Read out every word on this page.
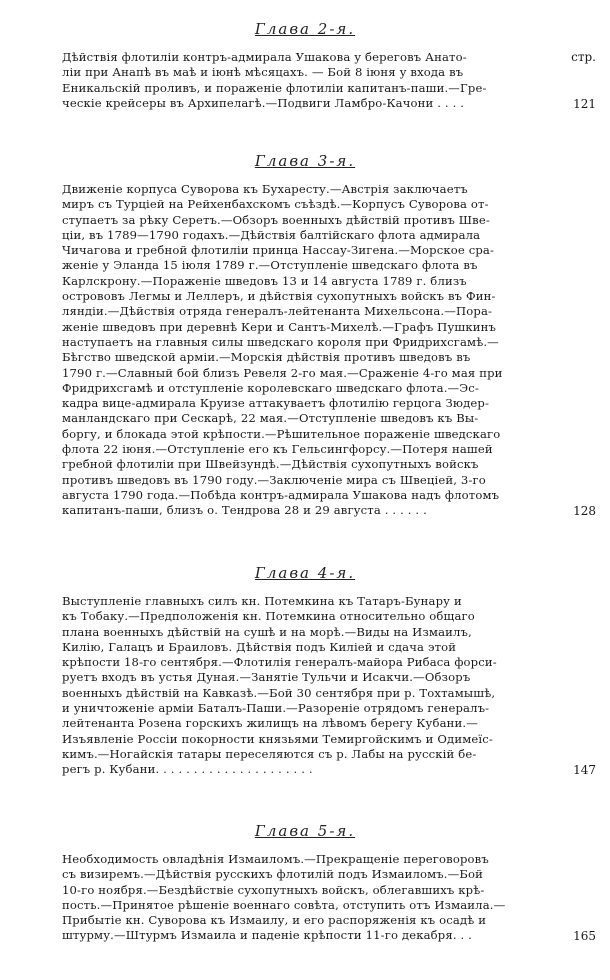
Глава 2-я.
стр.
Дѣйствія флотиліи контръ-адмирала Ушакова у береговъ Анато-
ліи при Анапѣ въ маѣ и іюнѣ мѣсяцахъ. — Бой 8 іюня у входа въ
Еникальскій проливъ, и пораженіе флотиліи капитанъ-паши.—Гре-
ческіе крейсеры въ Архипелагѣ.—Подвиги Ламбро-Качони . . . .	121
Глава 3-я.
Движеніе корпуса Суворова къ Бухаресту.—Австрія заключаетъ
миръ съ Турціей на Рейхенбахскомъ съѣздѣ.—Корпусъ Суворова от-
ступаетъ за рѣку Серетъ.—Обзоръ военныхъ дѣйствій противъ Шве-
ціи, въ 1789—1790 годахъ.—Дѣйствія балтійскаго флота адмирала
Чичагова и гребной флотиліи принца Нассау-Зигена.—Морское сра-
женіе у Эланда 15 іюля 1789 г.—Отступленіе шведскаго флота въ
Карлскрону.—Пораженіе шведовъ 13 и 14 августа 1789 г. близъ
острововъ Легмы и Леллеръ, и дѣйствія сухопутныхъ войскъ въ Фин-
ляндіи.—Дѣйствія отряда генералъ-лейтенанта Михельсона.—Пора-
женіе шведовъ при деревнѣ Кери и Сантъ-Михелѣ.—Графъ Пушкинъ
наступаетъ на главныя силы шведскаго короля при Фридрихсгамѣ.—
Бѣгство шведской арміи.—Морскія дѣйствія противъ шведовъ въ
1790 г.—Славный бой близъ Ревеля 2-го мая.—Сраженіе 4-го мая при
Фридрихсгамѣ и отступленіе королевскаго шведскаго флота.—Эс-
кадра вице-адмирала Круизе аттакуваетъ флотилію герцога Зюдер-
манландскаго при Сескарѣ, 22 мая.—Отступленіе шведовъ къ Вы-
боргу, и блокада этой крѣпости.—Рѣшительное пораженіе шведскаго
флота 22 іюня.—Отступленіе его къ Гельсингфорсу.—Потеря нашей
гребной флотиліи при Швейзундѣ.—Дѣйствія сухопутныхъ войскъ
противъ шведовъ въ 1790 году.—Заключеніе мира съ Швеціей, 3-го
августа 1790 года.—Побѣда контръ-адмирала Ушакова надъ флотомъ
капитанъ-паши, близъ о. Тендрова 28 и 29 августа . . . . . .	128
Глава 4-я.
Выступленіе главныхъ силъ кн. Потемкина къ Татаръ-Бунару и
къ Тобаку.—Предположенія кн. Потемкина относительно общаго
плана военныхъ дѣйствій на сушѣ и на морѣ.—Виды на Измаилъ,
Килію, Галацъ и Браиловъ. Дѣйствія подъ Киліей и сдача этой
крѣпости 18-го сентября.—Флотилія генералъ-майора Рибаса форси-
руетъ входъ въ устья Дуная.—Занятіе Тульчи и Исакчи.—Обзоръ
военныхъ дѣйствій на Кавказѣ.—Бой 30 сентября при р. Тохтамышѣ,
и уничтоженіе арміи Баталъ-Паши.—Разореніе отрядомъ генералъ-
лейтенанта Розена горскихъ жилищъ на лѣвомъ берегу Кубани.—
Изъявленіе Россіи покорности князьями Темиргойскимъ и Одимеїс-
кимъ.—Ногайскія татары переселяются съ р. Лабы на русскій бе-
регъ р. Кубани. . . . . . . . . . . . . . . . . . . . .	147
Глава 5-я.
Необходимость овладѣнія Измаиломъ.—Прекращеніе переговоровъ
съ визиремъ.—Дѣйствія русскихъ флотилій подъ Измаиломъ.—Бой
10-го ноября.—Бездѣйствіе сухопутныхъ войскъ, облегавшихъ крѣ-
пость.—Принятое рѣшеніе военнаго совѣта, отступить отъ Измаила.—
Прибытіе кн. Суворова къ Измаилу, и его распоряженія къ осадѣ и
штурму.—Штурмъ Измаила и паденіе крѣпости 11-го декабря. . .	165
